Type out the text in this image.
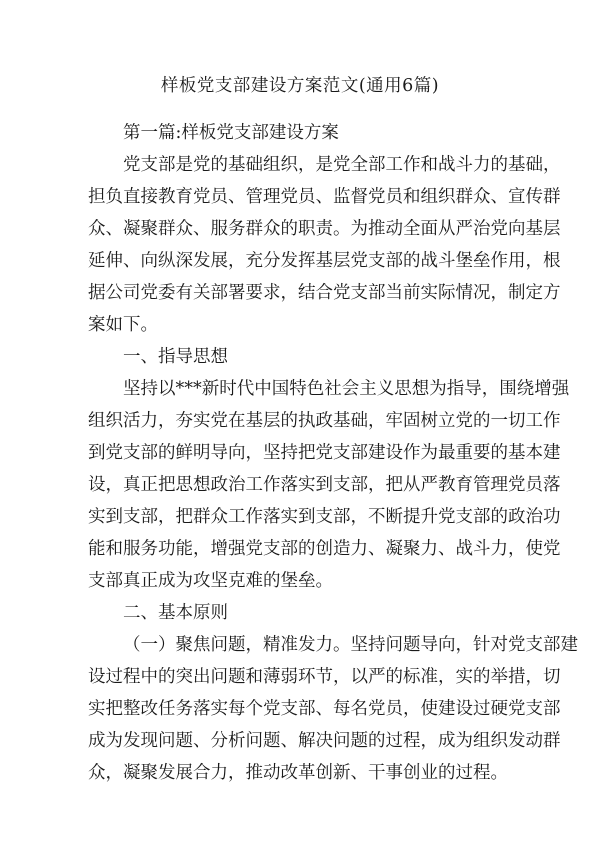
样板党支部建设方案范文(通用6篇)

第一篇:样板党支部建设方案

党支部是党的基础组织，是党全部工作和战斗力的基础，

担负直接教育党员、管理党员、监督党员和组织群众、宣传群

众、凝聚群众、服务群众的职责。为推动全面从严治党向基层

延伸、向纵深发展，充分发挥基层党支部的战斗堡垒作用，根

据公司党委有关部署要求，结合党支部当前实际情况，制定方

案如下。

一、指导思想

坚持以***新时代中国特色社会主义思想为指导，围绕增强

组织活力，夯实党在基层的执政基础，牢固树立党的一切工作

到党支部的鲜明导向，坚持把党支部建设作为最重要的基本建

设，真正把思想政治工作落实到支部，把从严教育管理党员落

实到支部，把群众工作落实到支部，不断提升党支部的政治功

能和服务功能，增强党支部的创造力、凝聚力、战斗力，使党

支部真正成为攻坚克难的堡垒。

二、基本原则

（一）聚焦问题，精准发力。坚持问题导向，针对党支部建

设过程中的突出问题和薄弱环节，以严的标准，实的举措，切

实把整改任务落实每个党支部、每名党员，使建设过硬党支部

成为发现问题、分析问题、解决问题的过程，成为组织发动群

众，凝聚发展合力，推动改革创新、干事创业的过程。
